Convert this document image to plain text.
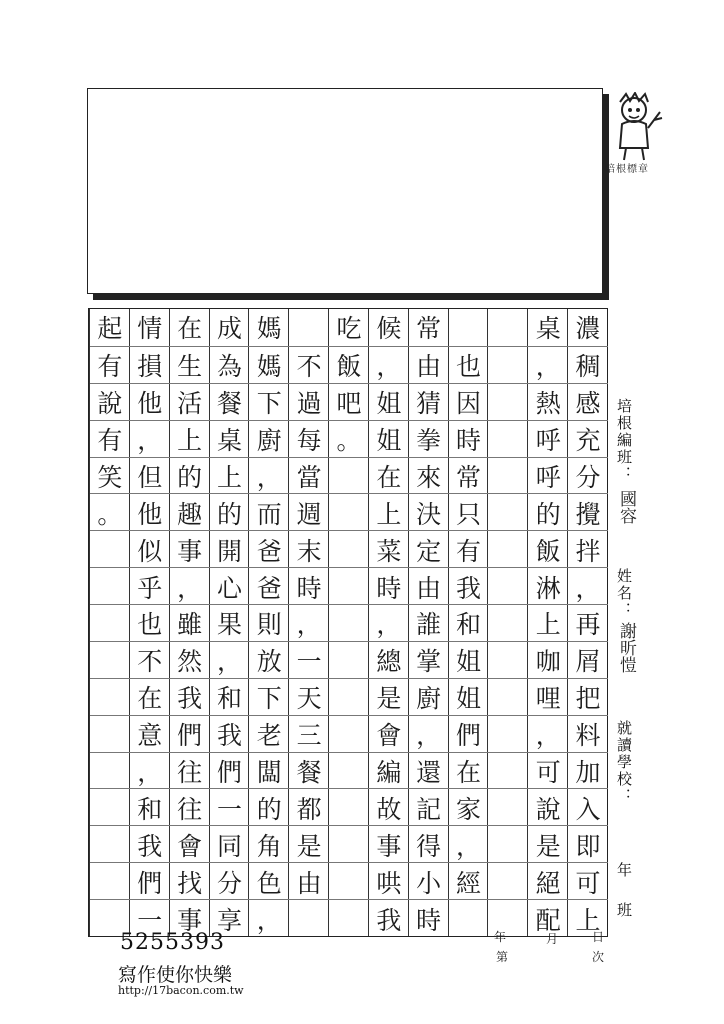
培根標章
濃
稠
感
充
分
攪
拌
，
再
屑
把
料
加
入
即
可
上
桌
，
熱
呼
呼
的
飯
淋
上
咖
哩
，
可
說
是
絕
配
也
因
時
常
只
有
我
和
姐
姐
們
在
家
，
經
常
由
猜
拳
來
決
定
由
誰
掌
廚
，
還
記
得
小
時
候
，
姐
姐
在
上
菜
時
，
總
是
會
編
故
事
哄
我
吃
飯
吧
。
不
過
每
當
週
末
時
，
一
天
三
餐
都
是
由
媽
媽
下
廚
，
而
爸
爸
則
放
下
老
闆
的
角
色
，
成
為
餐
桌
上
的
開
心
果
，
和
我
們
一
同
分
享
在
生
活
上
的
趣
事
，
雖
然
我
們
往
往
會
找
事
情
損
他
，
但
他
似
乎
也
不
在
意
，
和
我
們
一
起
有
說
有
笑
。
培根編班：
國容
姓名：
謝昕愷
就讀學校：
年
班
年
第
月	日
次
5255393
寫作使你快樂
http://17bacon.com.tw
